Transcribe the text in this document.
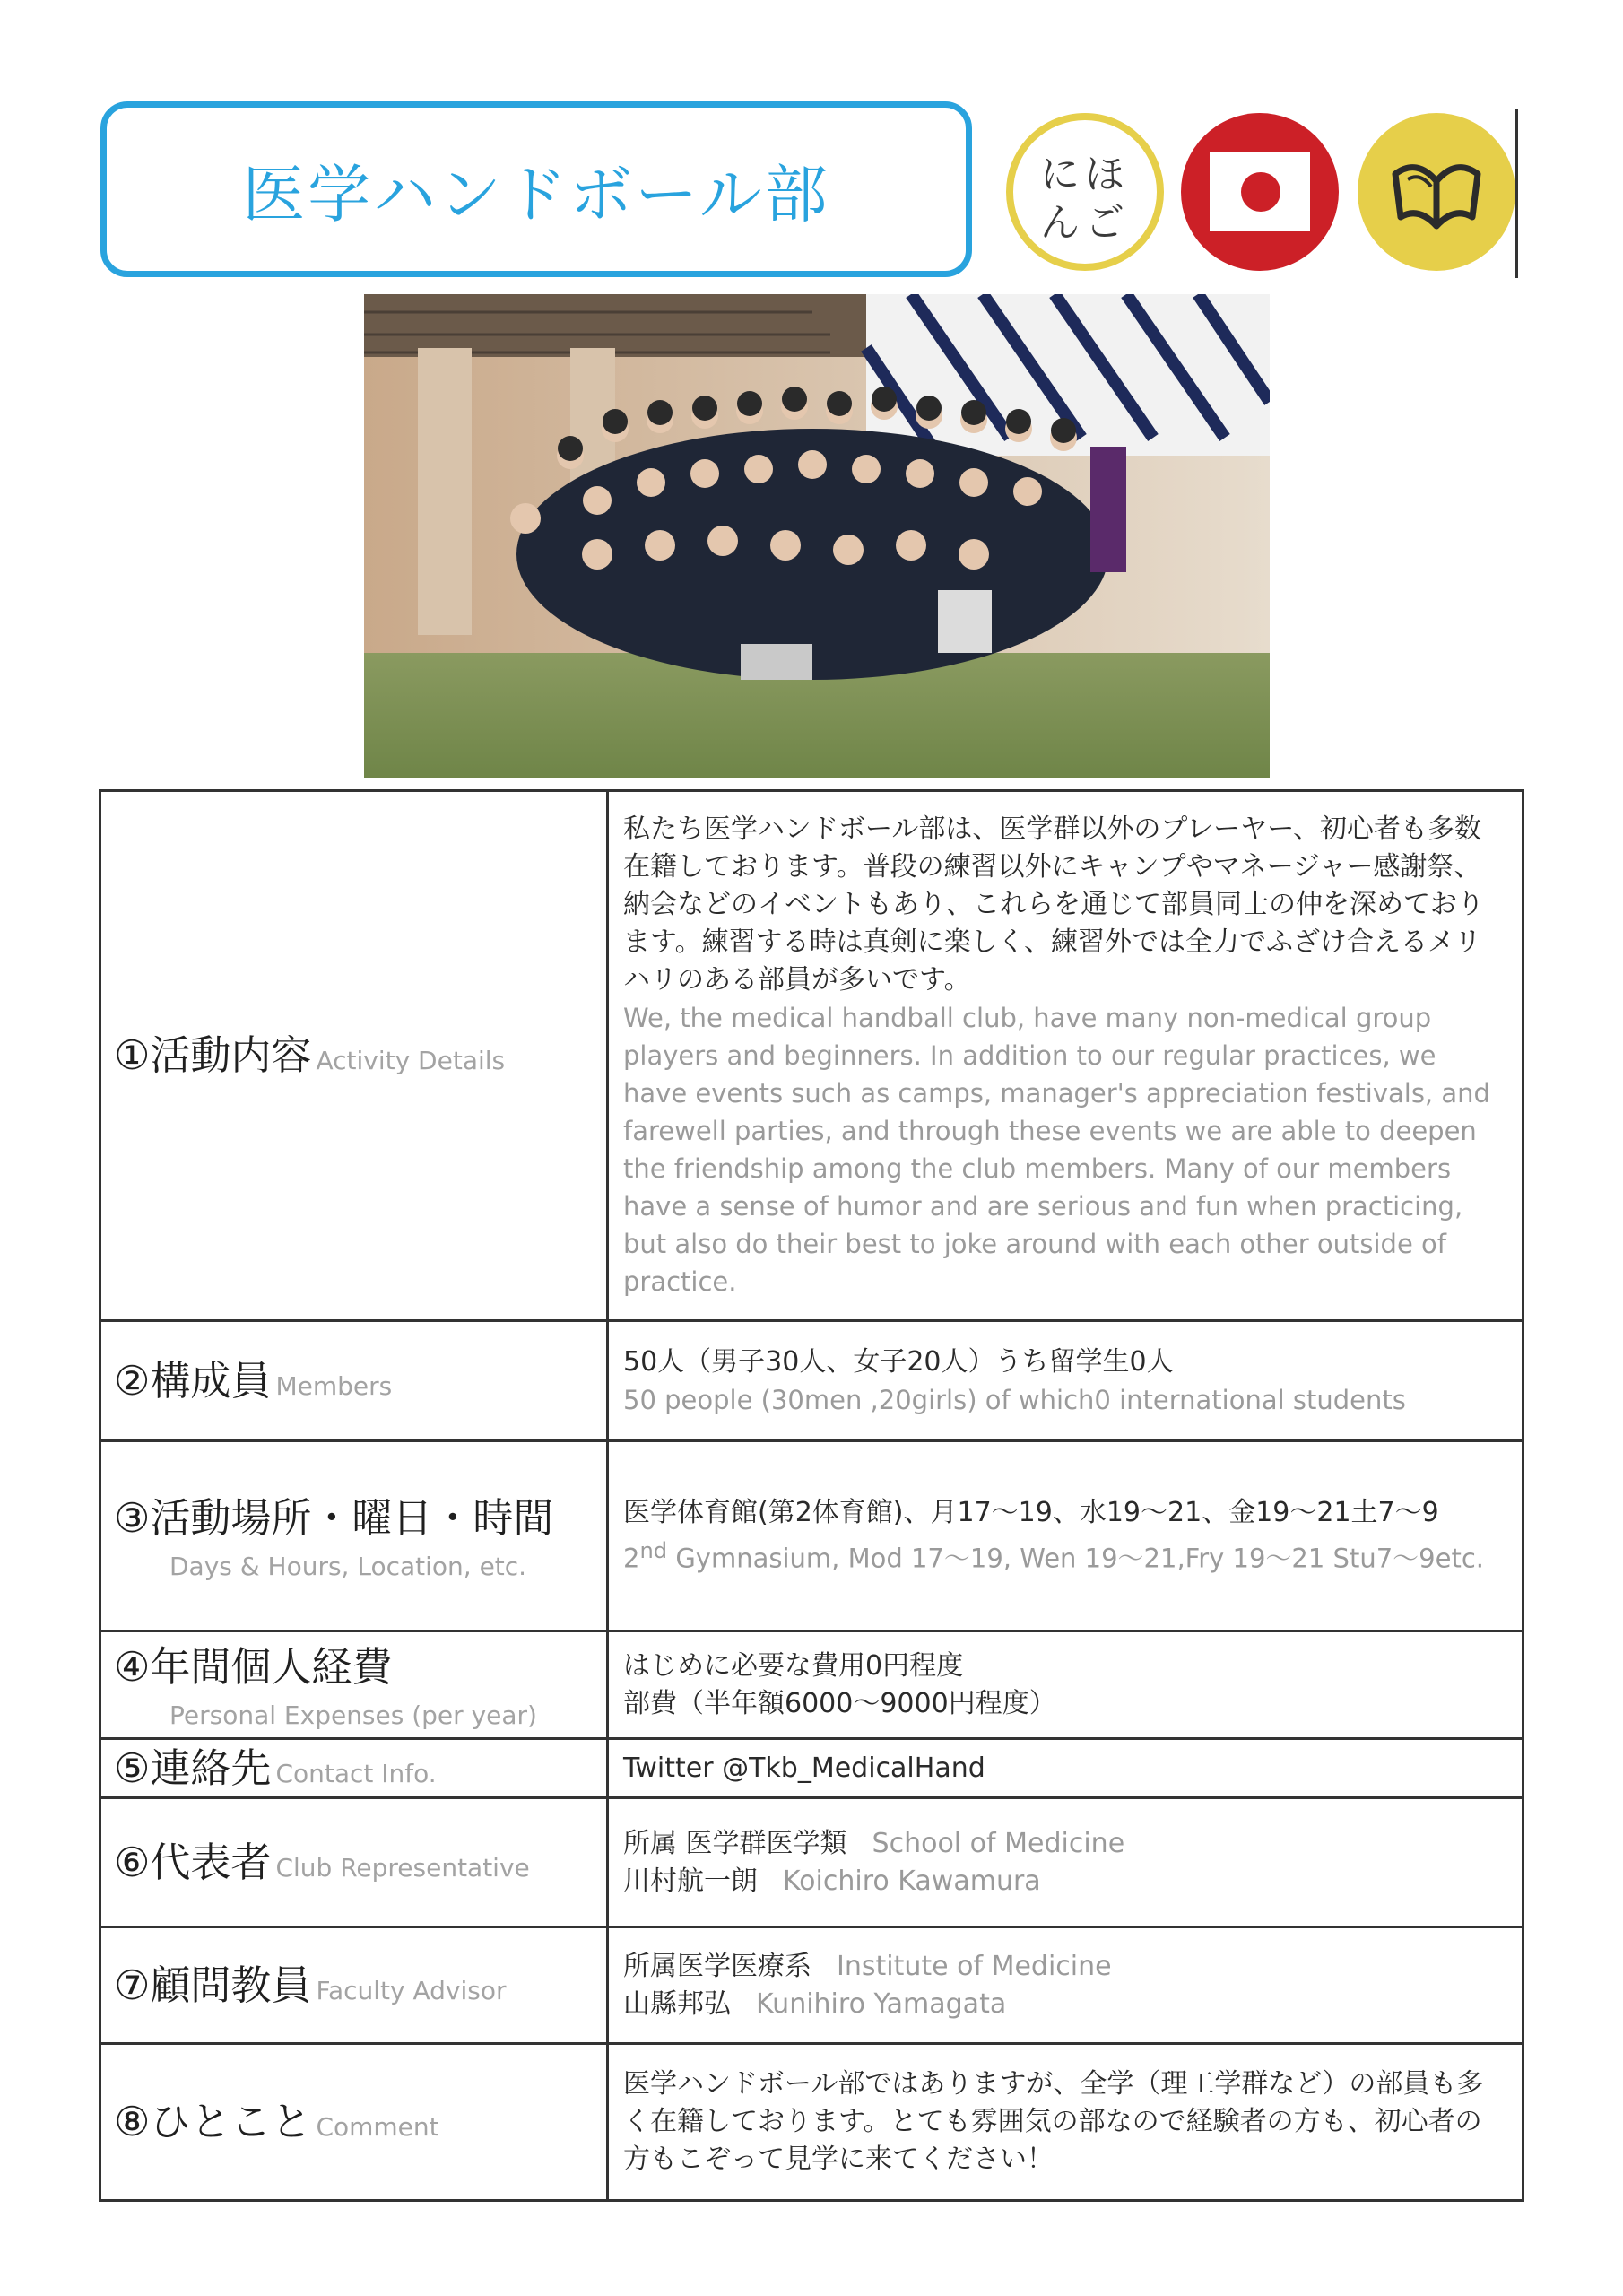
医学ハンドボール部	にほ
んご
①活動内容 Activity Details	私たち医学ハンドボール部は、医学群以外のプレーヤー、初心者も多数在籍しております。普段の練習以外にキャンプやマネージャー感謝祭、納会などのイベントもあり、これらを通じて部員同士の仲を深めております。練習する時は真剣に楽しく、練習外では全力でふざけ合えるメリハリのある部員が多いです。
We, the medical handball club, have many non-medical group players and beginners. In addition to our regular practices, we have events such as camps, manager's appreciation festivals, and farewell parties, and through these events we are able to deepen the friendship among the club members. Many of our members have a sense of humor and are serious and fun when practicing, but also do their best to joke around with each other outside of practice.

②構成員 Members	50人（男子30人、女子20人）うち留学生0人
50 people (30men ,20girls) of which0 international students

③活動場所・曜日・時間
Days & Hours, Location, etc.	医学体育館(第2体育館)、月17～19、水19～21、金19～21土7～9
2nd Gymnasium, Mod 17～19, Wen 19～21,Fry 19～21 Stu7～9etc.

④年間個人経費
Personal Expenses (per year)	はじめに必要な費用0円程度
部費（半年額6000～9000円程度）

⑤連絡先 Contact Info.	Twitter @Tkb_MedicalHand

⑥代表者 Club Representative	所属 医学群医学類 School of Medicine
川村航一朗 Koichiro Kawamura

⑦顧問教員 Faculty Advisor	所属医学医療系 Institute of Medicine
山縣邦弘 Kunihiro Yamagata

⑧ひとこと Comment	医学ハンドボール部ではありますが、全学（理工学群など）の部員も多く在籍しております。とても雰囲気の部なので経験者の方も、初心者の方もこぞって見学に来てください！
